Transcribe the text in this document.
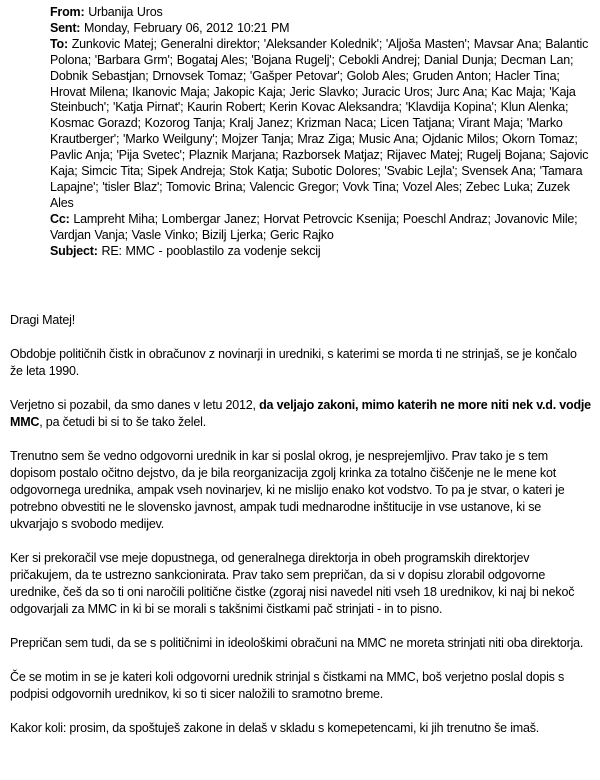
From: Urbanija Uros

Sent: Monday, February 06, 2012 10:21 PM

To: Zunkovic Matej; Generalni direktor; 'Aleksander Kolednik'; 'Aljoša Masten'; Mavsar Ana; Balantic Polona; 'Barbara Grm'; Bogataj Ales; 'Bojana Rugelj'; Cebokli Andrej; Danial Dunja; Decman Lan; Dobnik Sebastjan; Drnovsek Tomaz; 'Gašper Petovar'; Golob Ales; Gruden Anton; Hacler Tina; Hrovat Milena; Ikanovic Maja; Jakopic Kaja; Jeric Slavko; Juracic Uros; Jurc Ana; Kac Maja; 'Kaja Steinbuch'; 'Katja Pirnat'; Kaurin Robert; Kerin Kovac Aleksandra; 'Klavdija Kopina'; Klun Alenka; Kosmac Gorazd; Kozorog Tanja; Kralj Janez; Krizman Naca; Licen Tatjana; Virant Maja; 'Marko Krautberger'; 'Marko Weilguny'; Mojzer Tanja; Mraz Ziga; Music Ana; Ojdanic Milos; Okorn Tomaz; Pavlic Anja; 'Pija Svetec'; Plaznik Marjana; Razborsek Matjaz; Rijavec Matej; Rugelj Bojana; Sajovic Kaja; Simcic Tita; Sipek Andreja; Stok Katja; Subotic Dolores; 'Svabic Lejla'; Svensek Ana; 'Tamara Lapajne'; 'tisler Blaz'; Tomovic Brina; Valencic Gregor; Vovk Tina; Vozel Ales; Zebec Luka; Zuzek Ales

Cc: Lampreht Miha; Lombergar Janez; Horvat Petrovcic Ksenija; Poeschl Andraz; Jovanovic Mile; Vardjan Vanja; Vasle Vinko; Bizilj Ljerka; Geric Rajko

Subject: RE: MMC - pooblastilo za vodenje sekcij

Dragi Matej!

Obdobje političnih čistk in obračunov z novinarji in uredniki, s katerimi se morda ti ne strinjaš, se je končalo že leta 1990.

Verjetno si pozabil, da smo danes v letu 2012, da veljajo zakoni, mimo katerih ne more niti nek v.d. vodje MMC, pa četudi bi si to še tako želel.

Trenutno sem še vedno odgovorni urednik in kar si poslal okrog, je nesprejemljivo. Prav tako je s tem dopisom postalo očitno dejstvo, da je bila reorganizacija zgolj krinka za totalno čiščenje ne le mene kot odgovornega urednika, ampak vseh novinarjev, ki ne mislijo enako kot vodstvo. To pa je stvar, o kateri je potrebno obvestiti ne le slovensko javnost, ampak tudi mednarodne inštitucije in vse ustanove, ki se ukvarjajo s svobodo medijev.

Ker si prekoračil vse meje dopustnega, od generalnega direktorja in obeh programskih direktorjev pričakujem, da te ustrezno sankcionirata. Prav tako sem prepričan, da si v dopisu zlorabil odgovorne urednike, češ da so ti oni naročili politične čistke (zgoraj nisi navedel niti vseh 18 urednikov, ki naj bi nekoč odgovarjali za MMC in ki bi se morali s takšnimi čistkami pač strinjati - in to pisno.

Prepričan sem tudi, da se s političnimi in ideološkimi obračuni na MMC ne moreta strinjati niti oba direktorja.

Če se motim in se je kateri koli odgovorni urednik strinjal s čistkami na MMC, boš verjetno poslal dopis s podpisi odgovornih urednikov, ki so ti sicer naložili to sramotno breme.

Kakor koli: prosim, da spoštuješ zakone in delaš v skladu s komepetencami, ki jih trenutno še imaš.
